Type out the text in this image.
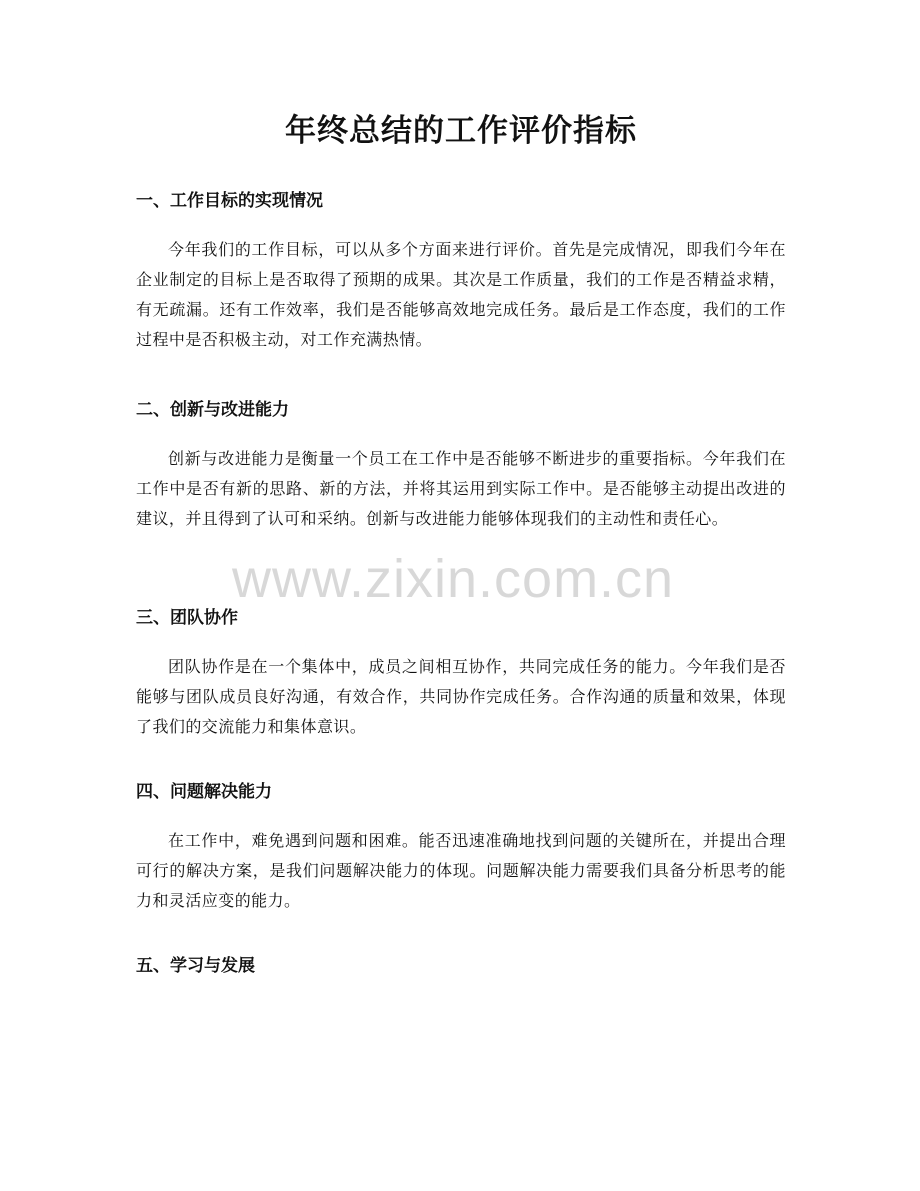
年终总结的工作评价指标
一、工作目标的实现情况

今年我们的工作目标，可以从多个方面来进行评价。首先是完成情况，即我们今年在企业制定的目标上是否取得了预期的成果。其次是工作质量，我们的工作是否精益求精，有无疏漏。还有工作效率，我们是否能够高效地完成任务。最后是工作态度，我们的工作过程中是否积极主动，对工作充满热情。

二、创新与改进能力

创新与改进能力是衡量一个员工在工作中是否能够不断进步的重要指标。今年我们在工作中是否有新的思路、新的方法，并将其运用到实际工作中。是否能够主动提出改进的建议，并且得到了认可和采纳。创新与改进能力能够体现我们的主动性和责任心。

三、团队协作

团队协作是在一个集体中，成员之间相互协作，共同完成任务的能力。今年我们是否能够与团队成员良好沟通，有效合作，共同协作完成任务。合作沟通的质量和效果，体现了我们的交流能力和集体意识。

四、问题解决能力

在工作中，难免遇到问题和困难。能否迅速准确地找到问题的关键所在，并提出合理可行的解决方案，是我们问题解决能力的体现。问题解决能力需要我们具备分析思考的能力和灵活应变的能力。

五、学习与发展
www.zixin.com.cn
